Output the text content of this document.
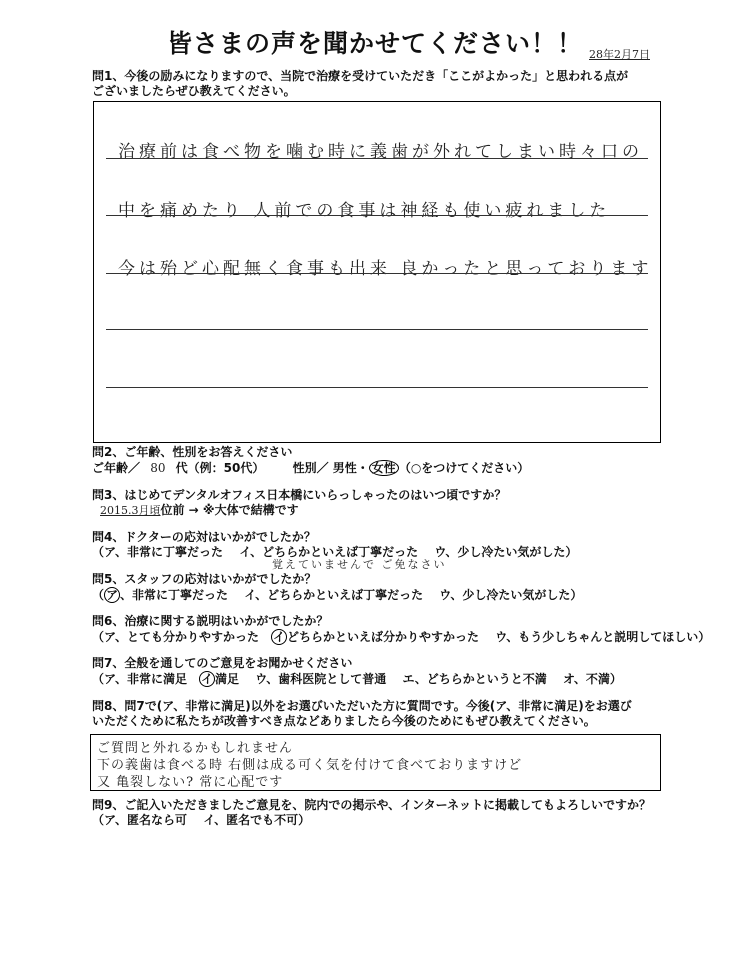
皆さまの声を聞かせてください！！ 28年2月7日
問1、今後の励みになりますので、当院で治療を受けていただき「ここがよかった」と思われる点が
ございましたらぜひ教えてください。
治療前は食べ物を噛む時に義歯が外れてしまい時々口の
中を痛めたり 人前での食事は神経も使い疲れました
今は殆ど心配無く食事も出来 良かったと思っております
問2、ご年齢、性別をお答えください
ご年齢／ 80 代（例：50代） 性別／ 男性・ 女性 （○をつけてください）
問3、はじめてデンタルオフィス日本橋にいらっしゃったのはいつ頃ですか？
2015.3月頃位前 → ※大体で結構です
問4、ドクターの応対はいかがでしたか？
（ア、非常に丁寧だった　 イ、どちらかといえば丁寧だった　 ウ、少し冷たい気がした）
覚えていませんで ご免なさい
問5、スタッフの応対はいかがでしたか？
（ ア 、非常に丁寧だった　 イ、どちらかといえば丁寧だった　 ウ、少し冷たい気がした）
問6、治療に関する説明はいかがでしたか？
（ア、とても分かりやすかった　イ どちらかといえば分かりやすかった　 ウ、もう少しちゃんと説明してほしい）
問7、全般を通してのご意見をお聞かせください
（ア、非常に満足　イ 満足　 ウ、歯科医院として普通　 エ、どちらかというと不満　 オ、不満）
問8、問7で(ア、非常に満足)以外をお選びいただいた方に質問です。今後(ア、非常に満足)をお選び
いただくために私たちが改善すべき点などありましたら今後のためにもぜひ教えてください。
ご質問と外れるかもしれません
下の義歯は食べる時 右側は成る可く気を付けて食べておりますけど
又 亀裂しない? 常に心配です
問9、ご記入いただきましたご意見を、院内での掲示や、インターネットに掲載してもよろしいですか？
（ア、匿名なら可　 イ、匿名でも不可）
